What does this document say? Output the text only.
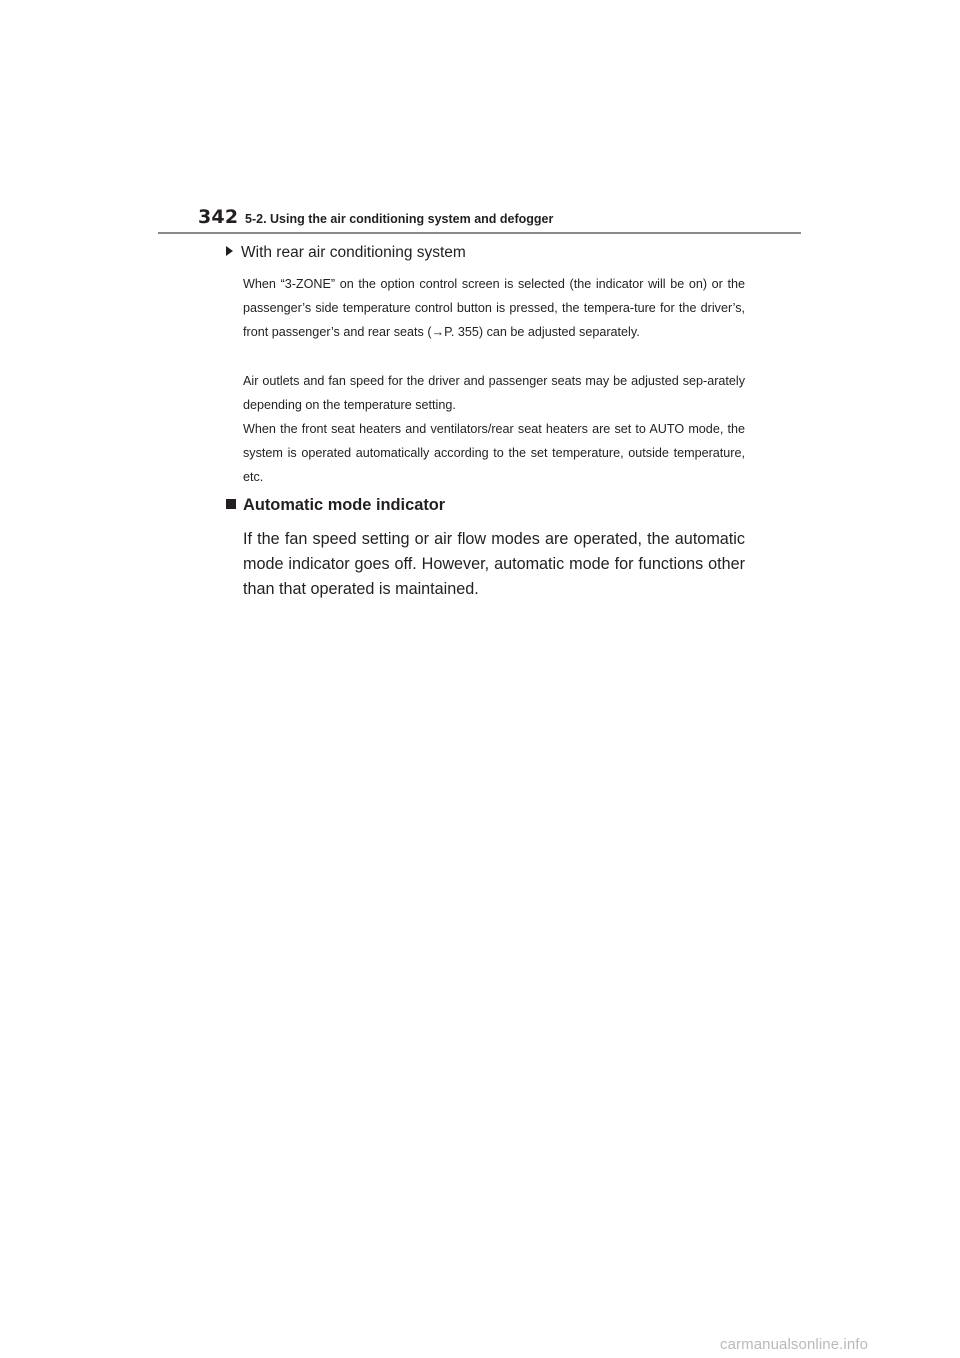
342 5-2. Using the air conditioning system and defogger
With rear air conditioning system
When “3-ZONE” on the option control screen is selected (the indicator will be on) or the passenger’s side temperature control button is pressed, the tempera-ture for the driver’s, front passenger’s and rear seats (→P. 355) can be adjusted separately.
Air outlets and fan speed for the driver and passenger seats may be adjusted sep-arately depending on the temperature setting.
When the front seat heaters and ventilators/rear seat heaters are set to AUTO mode, the system is operated automatically according to the set temperature, outside temperature, etc.
Automatic mode indicator
If the fan speed setting or air flow modes are operated, the automatic mode indicator goes off. However, automatic mode for functions other than that operated is maintained.
carmanualsonline.info
